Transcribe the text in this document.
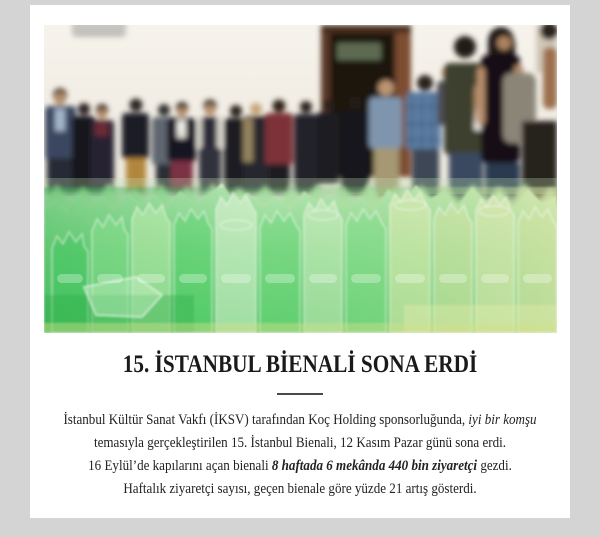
15. İSTANBUL BİENALİ SONA ERDİ

İstanbul Kültür Sanat Vakfı (İKSV) tarafından Koç Holding sponsorluğunda, iyi bir komşu
temasıyla gerçekleştirilen 15. İstanbul Bienali, 12 Kasım Pazar günü sona erdi.
16 Eylül’de kapılarını açan bienali 8 haftada 6 mekânda 440 bin ziyaretçi gezdi.
Haftalık ziyaretçi sayısı, geçen bienale göre yüzde 21 artış gösterdi.
